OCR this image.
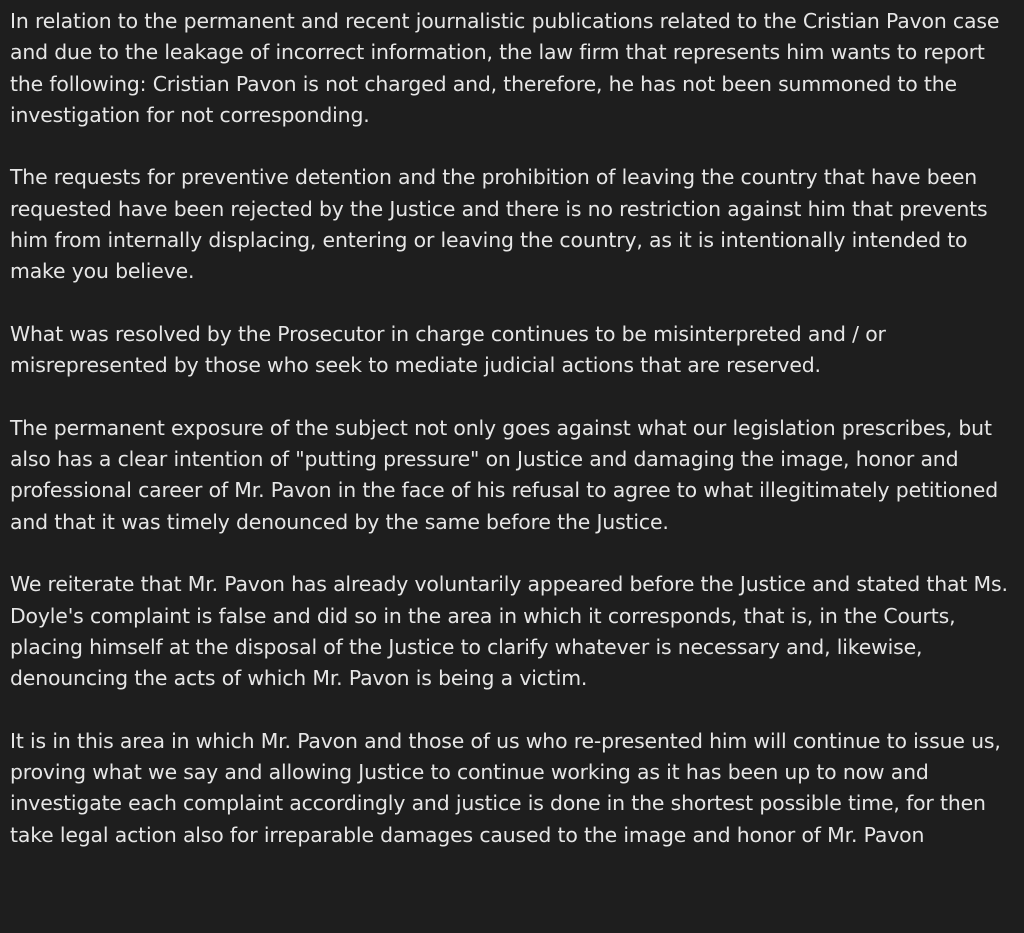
In relation to the permanent and recent journalistic publications related to the Cristian Pavon case and due to the leakage of incorrect information, the law firm that represents him wants to report the following: Cristian Pavon is not charged and, therefore, he has not been summoned to the investigation for not corresponding.

The requests for preventive detention and the prohibition of leaving the country that have been requested have been rejected by the Justice and there is no restriction against him that prevents him from internally displacing, entering or leaving the country, as it is intentionally intended to make you believe.

What was resolved by the Prosecutor in charge continues to be misinterpreted and / or misrepresented by those who seek to mediate judicial actions that are reserved.

The permanent exposure of the subject not only goes against what our legislation prescribes, but also has a clear intention of "putting pressure" on Justice and damaging the image, honor and professional career of Mr. Pavon in the face of his refusal to agree to what illegitimately petitioned and that it was timely denounced by the same before the Justice.

We reiterate that Mr. Pavon has already voluntarily appeared before the Justice and stated that Ms. Doyle's complaint is false and did so in the area in which it corresponds, that is, in the Courts, placing himself at the disposal of the Justice to clarify whatever is necessary and, likewise, denouncing the acts of which Mr. Pavon is being a victim.

It is in this area in which Mr. Pavon and those of us who re-presented him will continue to issue us, proving what we say and allowing Justice to continue working as it has been up to now and investigate each complaint accordingly and justice is done in the shortest possible time, for then take legal action also for irreparable damages caused to the image and honor of Mr. Pavon
